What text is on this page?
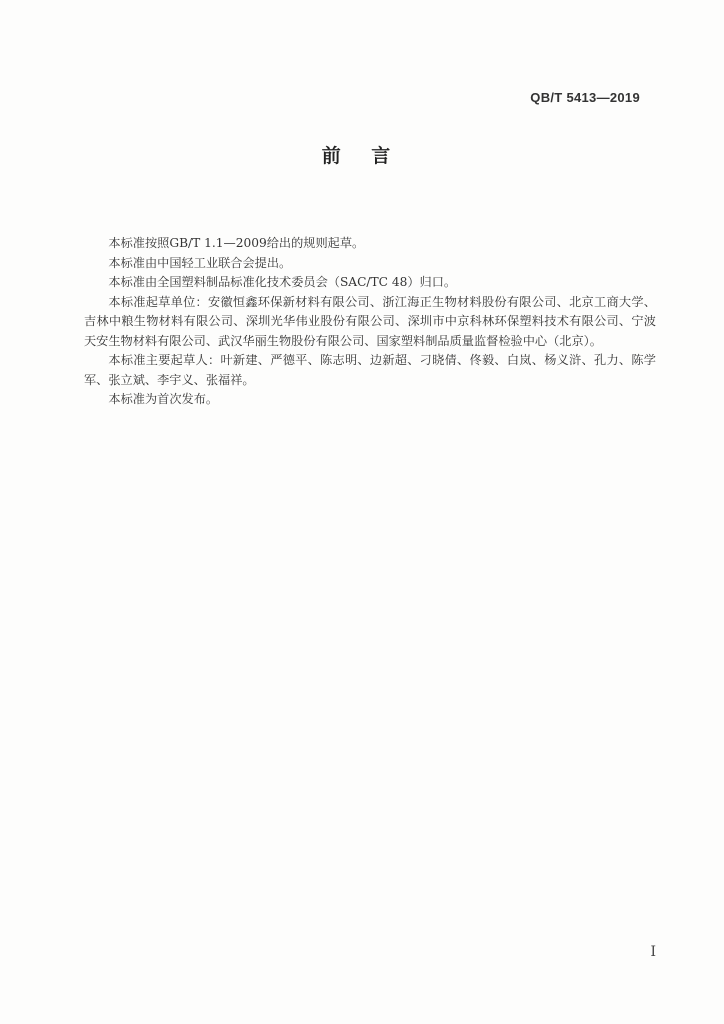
QB/T 5413—2019
前 言

本标准按照GB/T 1.1—2009给出的规则起草。

本标准由中国轻工业联合会提出。

本标准由全国塑料制品标准化技术委员会（SAC/TC 48）归口。

本标准起草单位：安徽恒鑫环保新材料有限公司、浙江海正生物材料股份有限公司、北京工商大学、吉林中粮生物材料有限公司、深圳光华伟业股份有限公司、深圳市中京科林环保塑料技术有限公司、宁波天安生物材料有限公司、武汉华丽生物股份有限公司、国家塑料制品质量监督检验中心（北京）。

本标准主要起草人：叶新建、严德平、陈志明、边新超、刁晓倩、佟毅、白岚、杨义浒、孔力、陈学军、张立斌、李宇义、张福祥。

本标准为首次发布。

I
